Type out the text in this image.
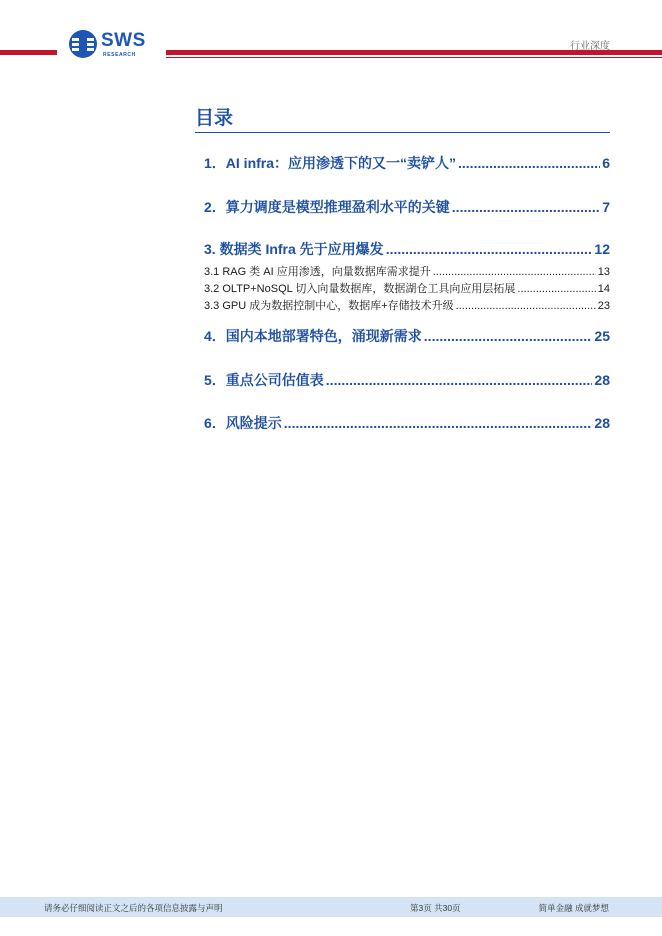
SWS
RESEARCH
行业深度
目录
1．AI infra：应用渗透下的又一“卖铲人” .....	6
2．算力调度是模型推理盈利水平的关键 .....	7
3. 数据类 Infra 先于应用爆发 .....	12
3.1 RAG 类 AI 应用渗透，向量数据库需求提升 .....	13
3.2 OLTP+NoSQL 切入向量数据库，数据湖仓工具向应用层拓展 .....	14
3.3 GPU 成为数据控制中心，数据库+存储技术升级 .....	23
4．国内本地部署特色，涌现新需求 .....	25
5．重点公司估值表 .....	28
6．风险提示 .....	28
请务必仔细阅读正文之后的各项信息披露与声明	第3页 共30页	简单金融 成就梦想
